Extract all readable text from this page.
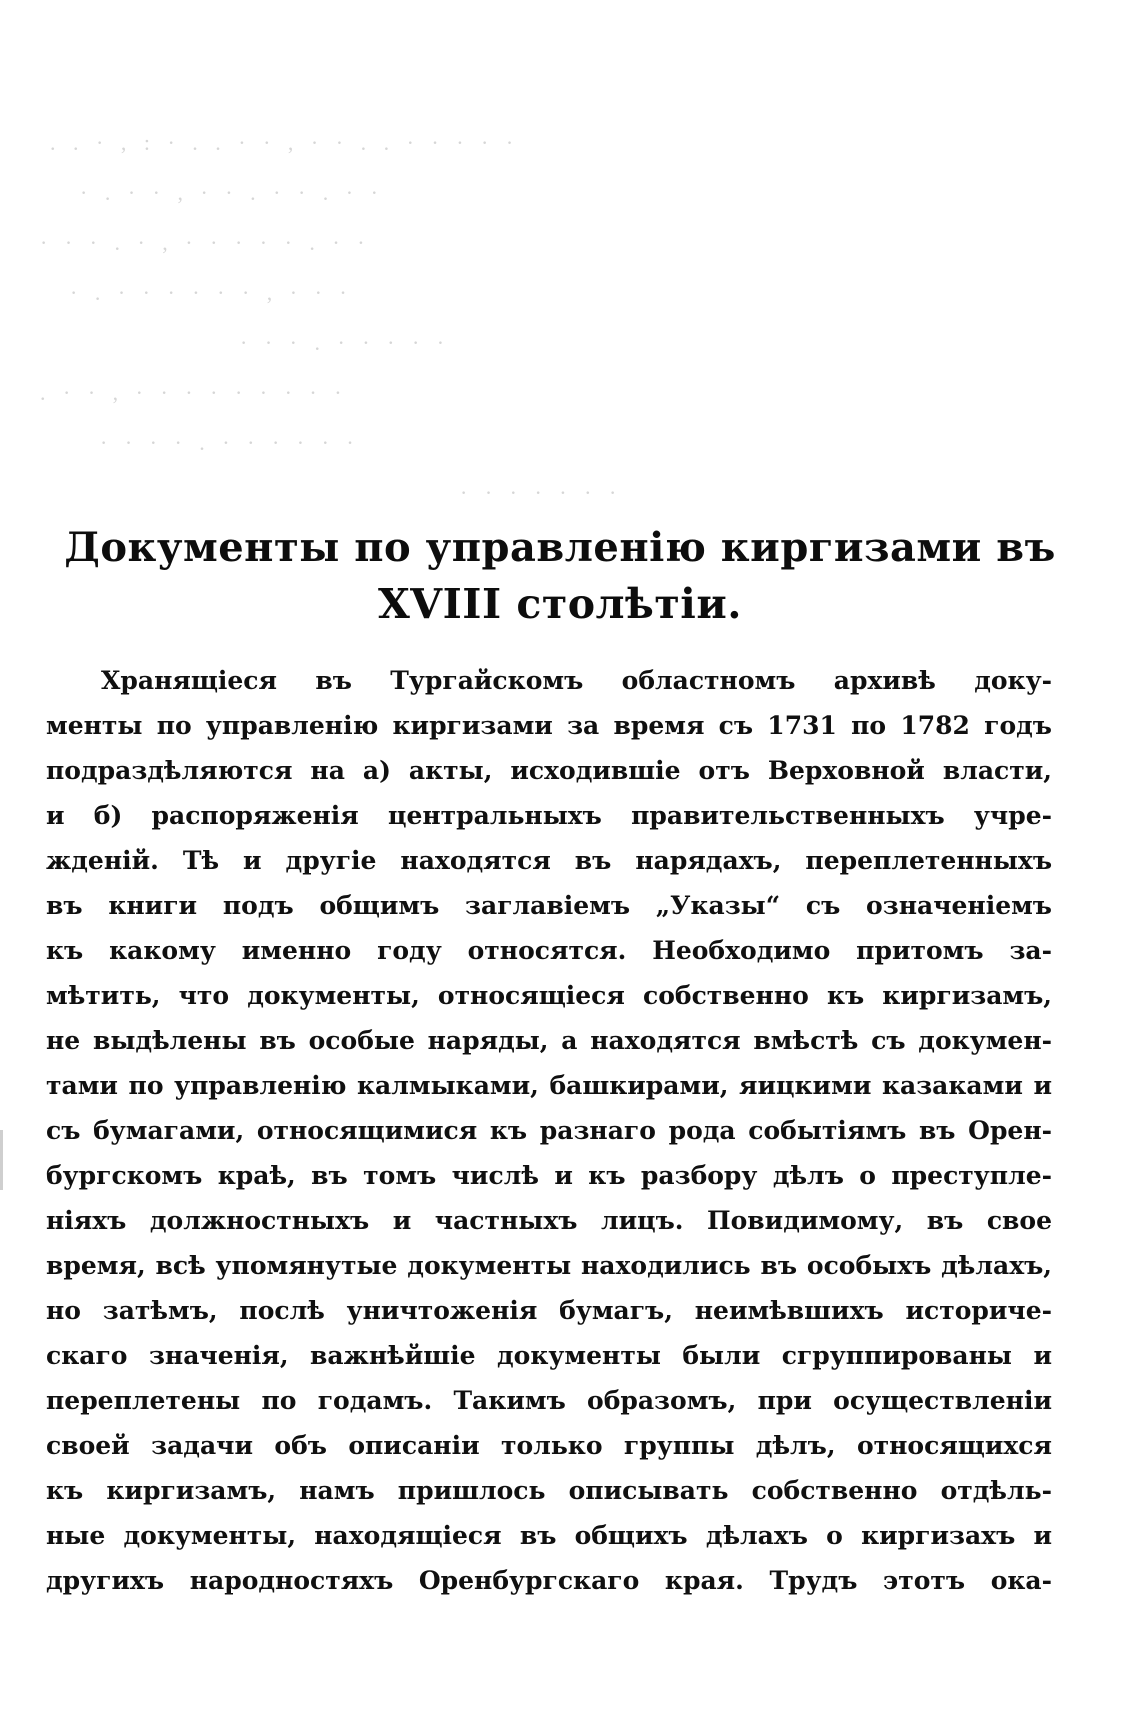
. . · , : · . . · · , · · . . · · · · ·
· . · · , · · . · · . · ·
· · · . · , · · · · · . · ·
· . · · · · · · , · · ·
· · · . · · · · ·
. · · , · · · · · · · · ·
· · · · . · · · · · ·
· · · · · · ·
Документы по управленію киргизами въ
XVIII столѣтіи.
Хранящіеся въ Тургайскомъ областномъ архивѣ доку-
менты по управленію киргизами за время съ 1731 по 1782 годъ
подраздѣляются на а) акты, исходившіе отъ Верховной власти,
и б) распоряженія центральныхъ правительственныхъ учре-
жденій. Тѣ и другіе находятся въ нарядахъ, переплетенныхъ
въ книги подъ общимъ заглавіемъ „Указы“ съ означеніемъ
къ какому именно году относятся. Необходимо притомъ за-
мѣтить, что документы, относящіеся собственно къ киргизамъ,
не выдѣлены въ особые наряды, а находятся вмѣстѣ съ докумен-
тами по управленію калмыками, башкирами, яицкими казаками и
съ бумагами, относящимися къ разнаго рода событіямъ въ Орен-
бургскомъ краѣ, въ томъ числѣ и къ разбору дѣлъ о преступле-
ніяхъ должностныхъ и частныхъ лицъ. Повидимому, въ свое
время, всѣ упомянутые документы находились въ особыхъ дѣлахъ,
но затѣмъ, послѣ уничтоженія бумагъ, неимѣвшихъ историче-
скаго значенія, важнѣйшіе документы были сгруппированы и
переплетены по годамъ. Такимъ образомъ, при осуществленіи
своей задачи объ описаніи только группы дѣлъ, относящихся
къ киргизамъ, намъ пришлось описывать собственно отдѣль-
ные документы, находящіеся въ общихъ дѣлахъ о киргизахъ и
другихъ народностяхъ Оренбургскаго края. Трудъ этотъ ока-
